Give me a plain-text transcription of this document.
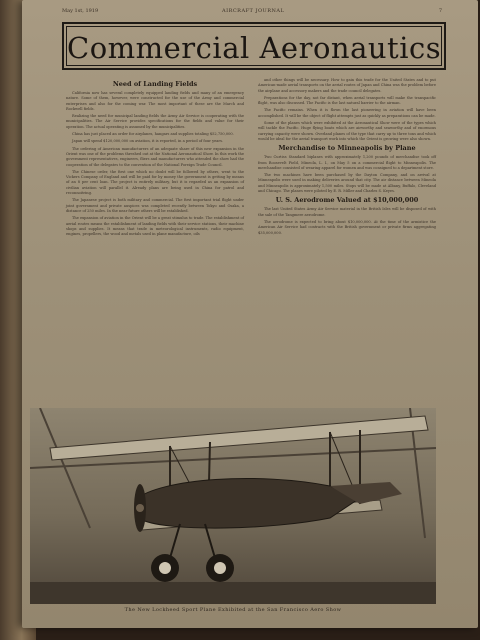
May 1st, 1919	AIRCRAFT JOURNAL	7
Commercial Aeronautics
Need of Landing Fields

California now has several completely equipped landing fields and many of an emergency nature. Some of them, however, were constructed for the use of the Army and commercial enterprises and also for the coming war. The most important of these are the March and Rockwell fields.

Realizing the need for municipal landing fields the Army Air Service is cooperating with the municipalities. The Air Service provides specifications for the fields and value for their operation. The actual operating is assumed by the municipalities.

China has just placed an order for airplanes, hangars and supplies totaling $52,750,000.

Japan will spend $120,000,000 on aviation, it is reported, in a period of four years.

The ordering of American manufacturers of an adequate share of this new expansion in the Orient was one of the problems threshed out at the National Aeronautical Show. In this work the government representatives, engineers, fliers and manufacturers who attended the show had the cooperation of the delegates to the convention of the National Foreign Trade Council.

The Chinese order, the first one which no doubt will be followed by others, went to the Vickers Company of England and will be paid for by money the government is getting by means of an 8 per cent loan. The project is entirely military, but it is regarded as an expansion of civilian aviation will parallel it. Already plans are being used in China for patrol and reconnoitring.

The Japanese project is both military and commercial. The first important trial flight under joint government and private auspices was completed recently between Tokyo and Osaka, a distance of 250 miles. In the near future others will be established.

The expansion of aviation in the Orient will be a great stimulus to trade. The establishment of aerial routes means the establishment of landing fields with their service stations, their machine shops and supplies. It means that trade in meteorological instruments, radio equipment, engines, propellers, the wood and metals used in plane manufacture, oils

and other things will be necessary. How to gain this trade for the United States and to put American-made aerial transports on the aerial routes of Japan and China was the problem before the airplane and accessory makers and the trade council delegates.

Preparations for the day, not far distant, when aerial transports will make the transpacific flight, was also discussed. The Pacific is the last natural barrier to the airman.

The Pacific remains. When it is flown the last pioneering in aviation will have been accomplished. It will be the object of flight attempts just as quickly as preparations can be made.

Some of the planes which were exhibited at the Aeronautical Show were of the types which will tackle the Pacific. Huge flying boats which are airworthy and seaworthy and of enormous carrying capacity were shown. Overland planes of the type that carry up to three tons and which would be ideal for the aerial transport work into which the Orient is growing were also shown.

Merchandise to Minneapolis by Plane

Two Curtiss Standard biplanes with approximately 1,200 pounds of merchandise took off from Roosevelt Field, Mineola, L. I., on May 5 on a commercial flight to Minneapolis. The merchandise consisted of wearing apparel for women and was consigned to a department store.

The two machines have been purchased by the Dayton Company, and on arrival at Minneapolis were used in making deliveries around that city. The air distance between Mineola and Minneapolis is approximately 1,500 miles. Stops will be made at Albany, Buffalo, Cleveland and Chicago. The planes were piloted by E. R. Miller and Charles S. Keyes.

U. S. Aerodrome Valued at $10,000,000

The last United States Army Air Service material in the British Isles will be disposed of with the sale of the Tangmere aerodrome.

The aerodrome is expected to bring about $10,000,000. At the time of the armistice the American Air Service had contracts with the British government or private firms aggregating $35,000,000.

The New Lockheed Sport Plane Exhibited at the San Francisco Aero Show
